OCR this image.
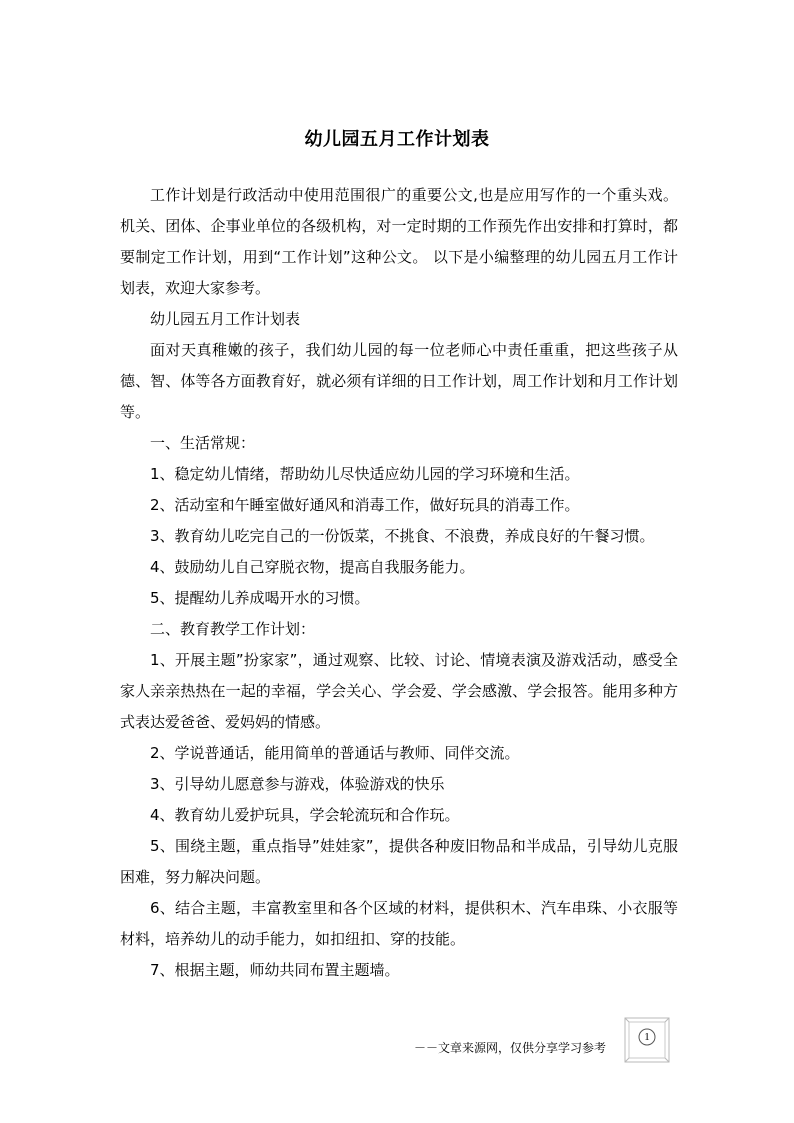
幼儿园五月工作计划表

工作计划是行政活动中使用范围很广的重要公文,也是应用写作的一个重头戏。机关、团体、企事业单位的各级机构，对一定时期的工作预先作出安排和打算时，都要制定工作计划，用到“工作计划”这种公文。 以下是小编整理的幼儿园五月工作计划表，欢迎大家参考。

幼儿园五月工作计划表

面对天真稚嫩的孩子，我们幼儿园的每一位老师心中责任重重，把这些孩子从德、智、体等各方面教育好，就必须有详细的日工作计划，周工作计划和月工作计划等。

一、生活常规：

1、稳定幼儿情绪，帮助幼儿尽快适应幼儿园的学习环境和生活。

2、活动室和午睡室做好通风和消毒工作，做好玩具的消毒工作。

3、教育幼儿吃完自己的一份饭菜，不挑食、不浪费，养成良好的午餐习惯。

4、鼓励幼儿自己穿脱衣物，提高自我服务能力。

5、提醒幼儿养成喝开水的习惯。

二、教育教学工作计划：

1、开展主题”扮家家”，通过观察、比较、讨论、情境表演及游戏活动，感受全家人亲亲热热在一起的幸福，学会关心、学会爱、学会感激、学会报答。能用多种方式表达爱爸爸、爱妈妈的情感。

2、学说普通话，能用简单的普通话与教师、同伴交流。

3、引导幼儿愿意参与游戏，体验游戏的快乐

4、教育幼儿爱护玩具，学会轮流玩和合作玩。

5、围绕主题，重点指导”娃娃家”，提供各种废旧物品和半成品，引导幼儿克服困难，努力解决问题。

6、结合主题，丰富教室里和各个区域的材料，提供积木、汽车串珠、小衣服等材料，培养幼儿的动手能力，如扣纽扣、穿的技能。

7、根据主题，师幼共同布置主题墙。

－－文章来源网，仅供分享学习参考
1
